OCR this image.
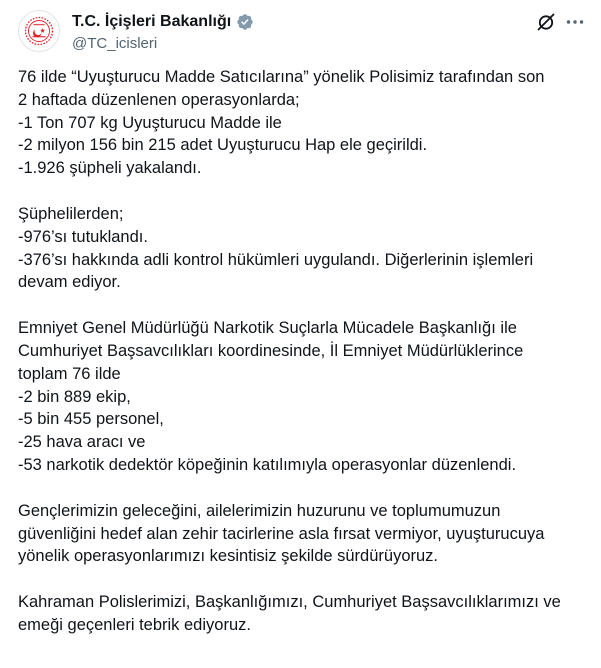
T.C. İçişleri Bakanlığı
@TC_icisleri

76 ilde “Uyuşturucu Madde Satıcılarına” yönelik Polisimiz tarafından son
2 haftada düzenlenen operasyonlarda;
-1 Ton 707 kg Uyuşturucu Madde ile
-2 milyon 156 bin 215 adet Uyuşturucu Hap ele geçirildi.
-1.926 şüpheli yakalandı.

Şüphelilerden;
-976’sı tutuklandı.
-376’sı hakkında adli kontrol hükümleri uygulandı. Diğerlerinin işlemleri
devam ediyor.

Emniyet Genel Müdürlüğü Narkotik Suçlarla Mücadele Başkanlığı ile
Cumhuriyet Başsavcılıkları koordinesinde, İl Emniyet Müdürlüklerince
toplam 76 ilde
-2 bin 889 ekip,
-5 bin 455 personel,
-25 hava aracı ve
-53 narkotik dedektör köpeğinin katılımıyla operasyonlar düzenlendi.

Gençlerimizin geleceğini, ailelerimizin huzurunu ve toplumumuzun
güvenliğini hedef alan zehir tacirlerine asla fırsat vermiyor, uyuşturucuya
yönelik operasyonlarımızı kesintisiz şekilde sürdürüyoruz.

Kahraman Polislerimizi, Başkanlığımızı, Cumhuriyet Başsavcılıklarımızı ve
emeği geçenleri tebrik ediyoruz.
